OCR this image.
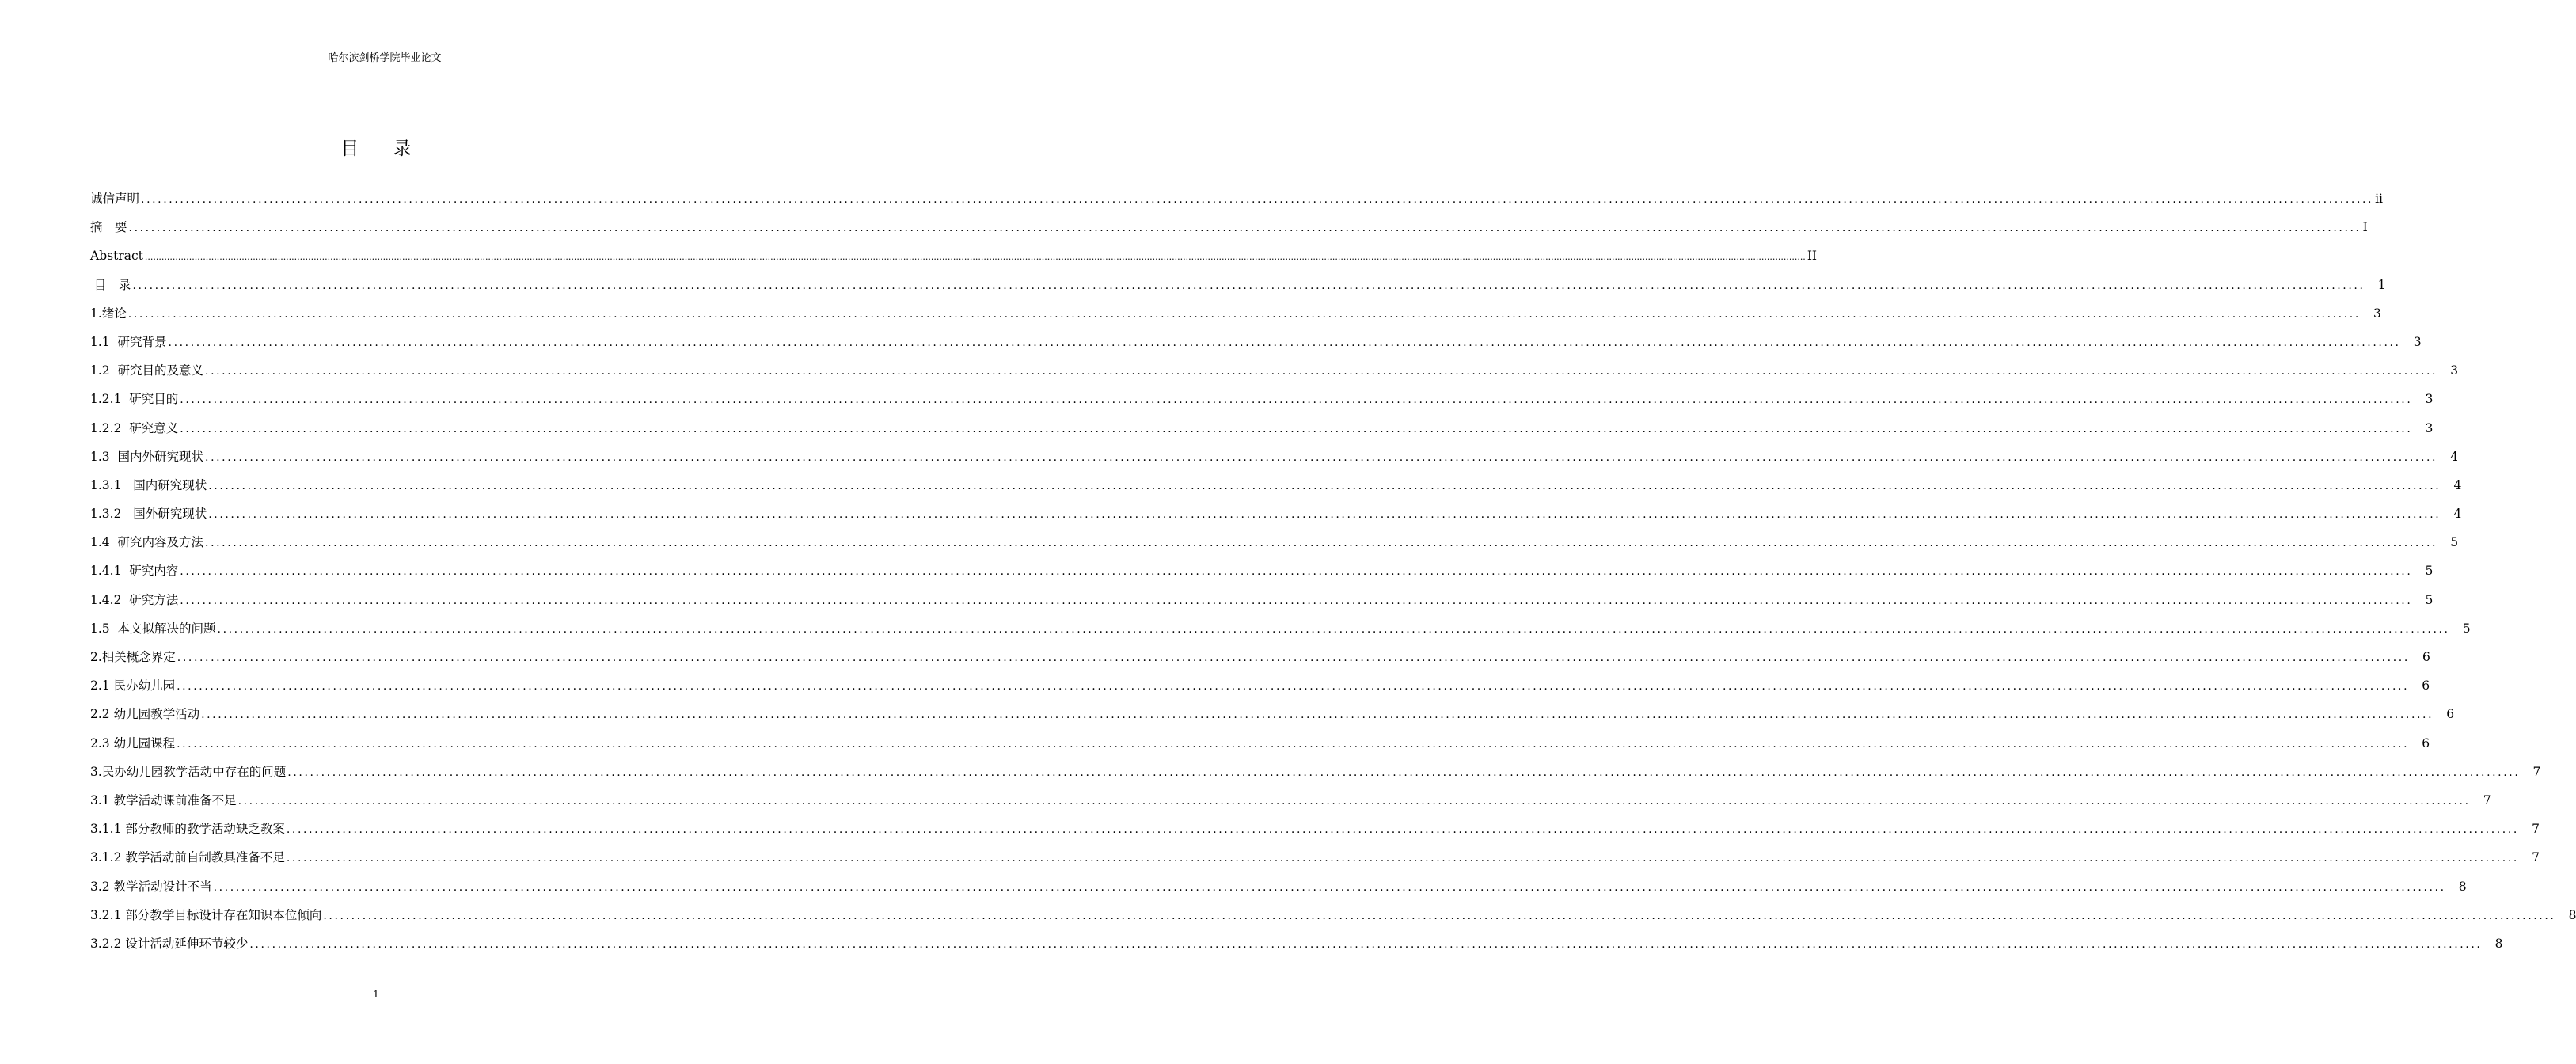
哈尔滨剑桥学院毕业论文
目 录
诚信声明 ................................................................................................................................................................................................................................................................................................................................................................................................................ ii
摘　要 ................................................................................................................................................................................................................................................................................................................................................................................................................ I
Abstract ........................................................................................................................................................................................................................................................................................................................................................................................................................................................................................................................................................................................................................ II
目　录 ................................................................................................................................................................................................................................................................................................................................................................................................................	1
1.绪论 ................................................................................................................................................................................................................................................................................................................................................................................................................	3
1.1  研究背景 ................................................................................................................................................................................................................................................................................................................................................................................................................	3
1.2  研究目的及意义 ................................................................................................................................................................................................................................................................................................................................................................................................................	3
1.2.1  研究目的 ................................................................................................................................................................................................................................................................................................................................................................................................................	3
1.2.2  研究意义 ................................................................................................................................................................................................................................................................................................................................................................................................................	3
1.3  国内外研究现状 ................................................................................................................................................................................................................................................................................................................................................................................................................	4
1.3.1   国内研究现状 ................................................................................................................................................................................................................................................................................................................................................................................................................	4
1.3.2   国外研究现状 ................................................................................................................................................................................................................................................................................................................................................................................................................	4
1.4  研究内容及方法 ................................................................................................................................................................................................................................................................................................................................................................................................................	5
1.4.1  研究内容 ................................................................................................................................................................................................................................................................................................................................................................................................................	5
1.4.2  研究方法 ................................................................................................................................................................................................................................................................................................................................................................................................................	5
1.5  本文拟解决的问题 ................................................................................................................................................................................................................................................................................................................................................................................................................	5
2.相关概念界定 ................................................................................................................................................................................................................................................................................................................................................................................................................	6
2.1 民办幼儿园 ................................................................................................................................................................................................................................................................................................................................................................................................................	6
2.2 幼儿园教学活动 ................................................................................................................................................................................................................................................................................................................................................................................................................	6
2.3 幼儿园课程 ................................................................................................................................................................................................................................................................................................................................................................................................................	6
3.民办幼儿园教学活动中存在的问题 ................................................................................................................................................................................................................................................................................................................................................................................................................	7
3.1 教学活动课前准备不足 ................................................................................................................................................................................................................................................................................................................................................................................................................	7
3.1.1 部分教师的教学活动缺乏教案 ................................................................................................................................................................................................................................................................................................................................................................................................................	7
3.1.2 教学活动前自制教具准备不足 ................................................................................................................................................................................................................................................................................................................................................................................................................	7
3.2 教学活动设计不当 ................................................................................................................................................................................................................................................................................................................................................................................................................	8
3.2.1 部分教学目标设计存在知识本位倾向 ................................................................................................................................................................................................................................................................................................................................................................................................................	8
3.2.2 设计活动延伸环节较少 ................................................................................................................................................................................................................................................................................................................................................................................................................	8
1
